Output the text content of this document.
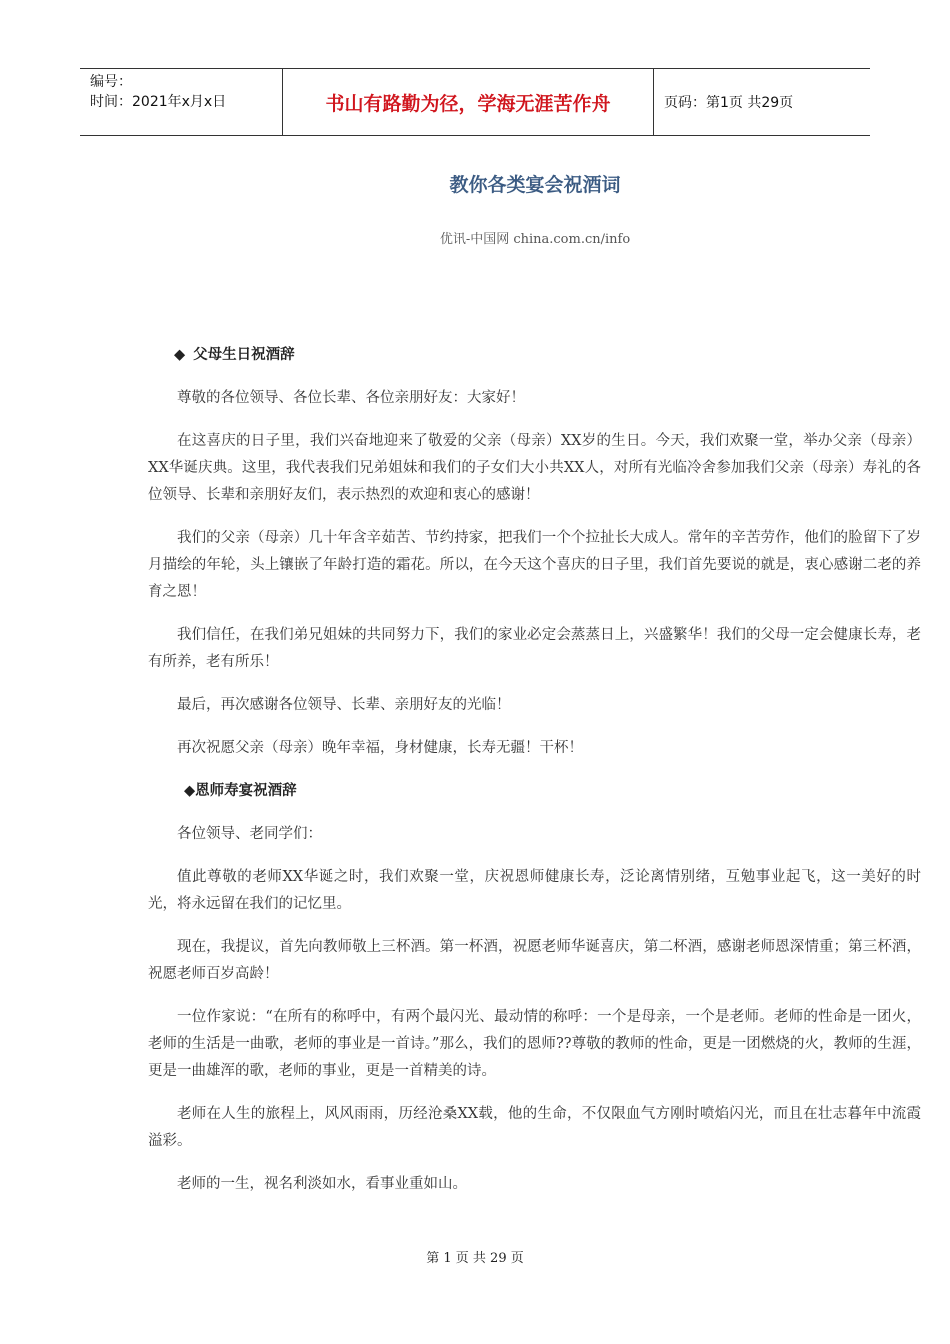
编号：
时间：2021年x月x日	书山有路勤为径，学海无涯苦作舟	页码：第1页 共29页
教你各类宴会祝酒词
优讯-中国网 china.com.cn/info
◆ 父母生日祝酒辞

尊敬的各位领导、各位长辈、各位亲朋好友：大家好！

在这喜庆的日子里，我们兴奋地迎来了敬爱的父亲（母亲）XX岁的生日。今天，我们欢聚一堂，举办父亲（母亲）XX华诞庆典。这里，我代表我们兄弟姐妹和我们的子女们大小共XX人，对所有光临冷舍参加我们父亲（母亲）寿礼的各位领导、长辈和亲朋好友们，表示热烈的欢迎和衷心的感谢！

我们的父亲（母亲）几十年含辛茹苦、节约持家，把我们一个个拉扯长大成人。常年的辛苦劳作，他们的脸留下了岁月描绘的年轮，头上镶嵌了年龄打造的霜花。所以，在今天这个喜庆的日子里，我们首先要说的就是，衷心感谢二老的养育之恩！

我们信任，在我们弟兄姐妹的共同努力下，我们的家业必定会蒸蒸日上，兴盛繁华！我们的父母一定会健康长寿，老有所养，老有所乐！

最后，再次感谢各位领导、长辈、亲朋好友的光临！

再次祝愿父亲（母亲）晚年幸福，身材健康，长寿无疆！干杯！

◆恩师寿宴祝酒辞

各位领导、老同学们：

值此尊敬的老师XX华诞之时，我们欢聚一堂，庆祝恩师健康长寿，泛论离情别绪，互勉事业起飞，这一美好的时光，将永远留在我们的记忆里。

现在，我提议，首先向教师敬上三杯酒。第一杯酒，祝愿老师华诞喜庆，第二杯酒，感谢老师恩深情重；第三杯酒，祝愿老师百岁高龄！

一位作家说：“在所有的称呼中，有两个最闪光、最动情的称呼：一个是母亲，一个是老师。老师的性命是一团火，老师的生活是一曲歌，老师的事业是一首诗。”那么，我们的恩师??尊敬的教师的性命，更是一团燃烧的火，教师的生涯，更是一曲雄浑的歌，老师的事业，更是一首精美的诗。

老师在人生的旅程上，风风雨雨，历经沧桑XX载，他的生命，不仅限血气方刚时喷焰闪光，而且在壮志暮年中流霞溢彩。

老师的一生，视名利淡如水，看事业重如山。

第 1 页 共 29 页
